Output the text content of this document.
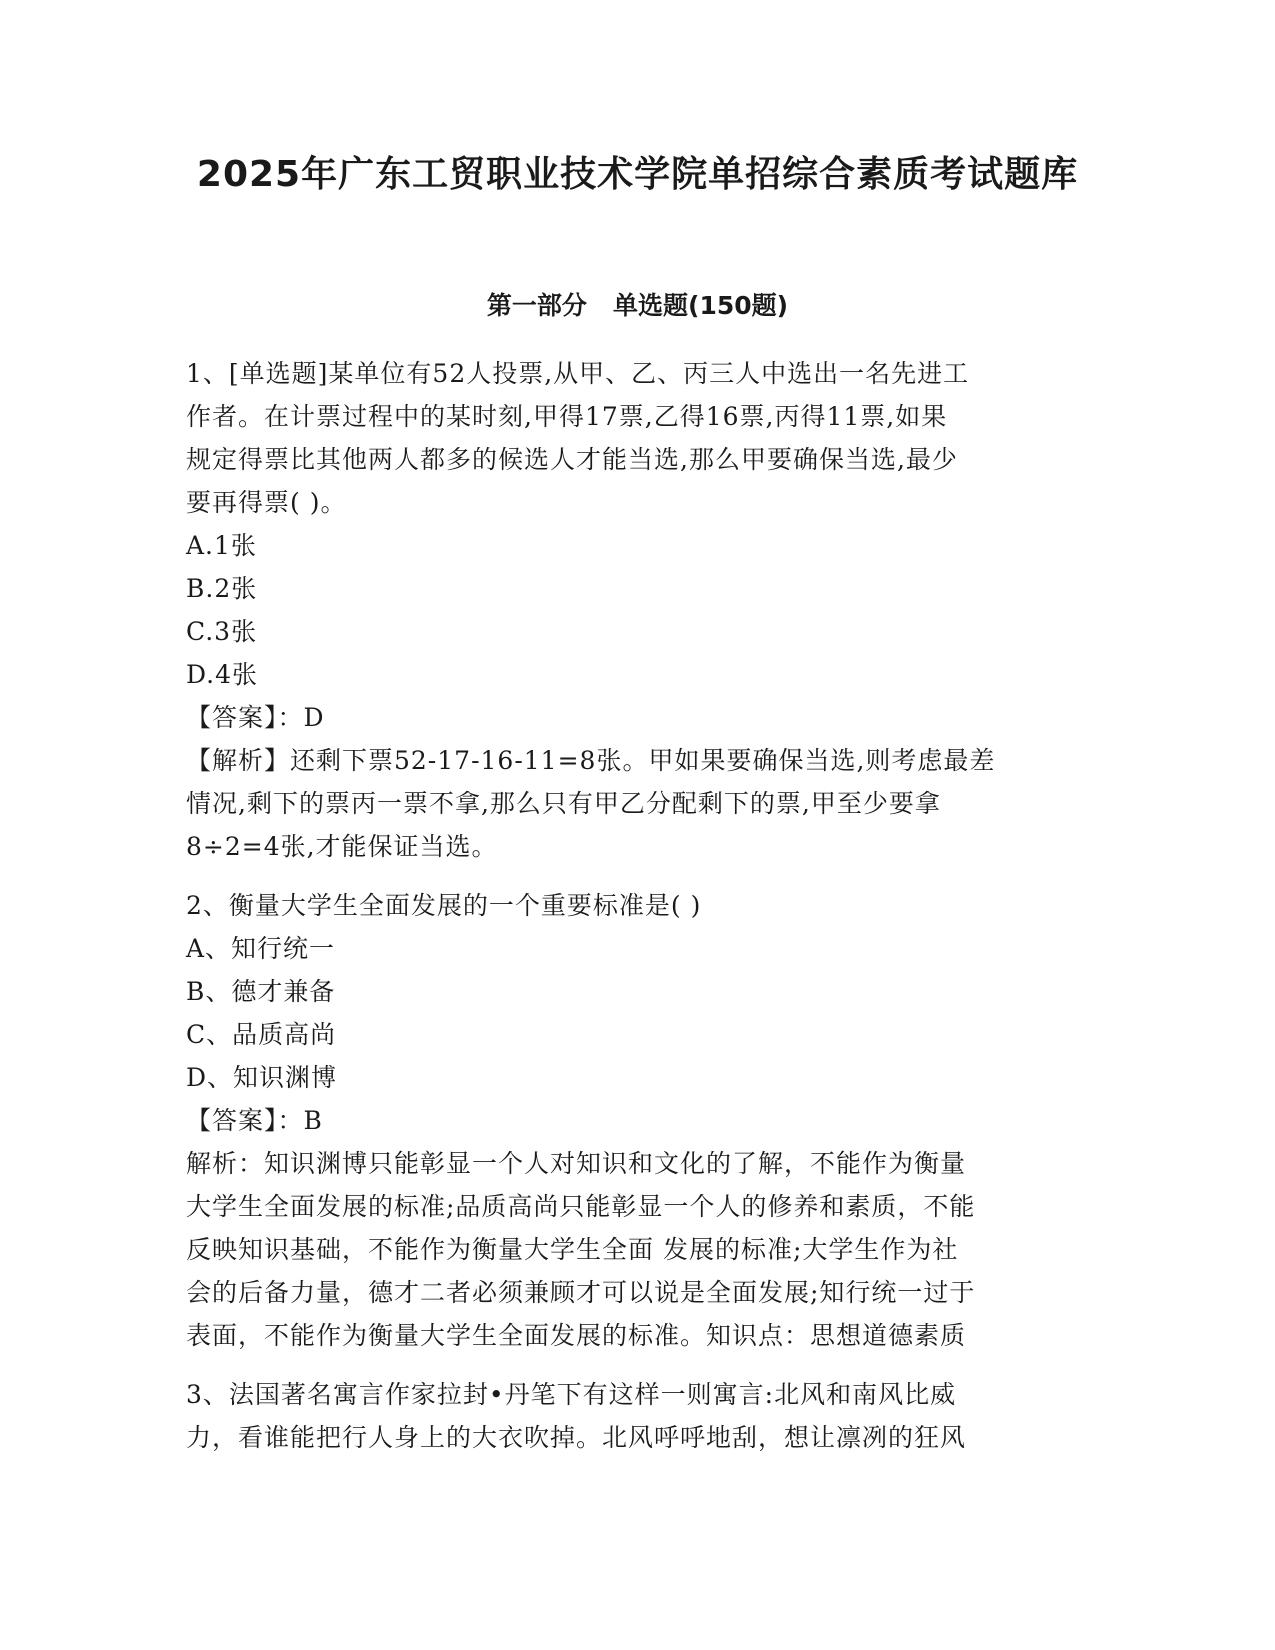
2025年广东工贸职业技术学院单招综合素质考试题库
第一部分   单选题(150题)
1、[单选题]某单位有52人投票,从甲、乙、丙三人中选出一名先进工
作者。在计票过程中的某时刻,甲得17票,乙得16票,丙得11票,如果
规定得票比其他两人都多的候选人才能当选,那么甲要确保当选,最少
要再得票( )。
A.1张
B.2张
C.3张
D.4张
【答案】：D
【解析】还剩下票52-17-16-11=8张。甲如果要确保当选,则考虑最差
情况,剩下的票丙一票不拿,那么只有甲乙分配剩下的票,甲至少要拿
8÷2=4张,才能保证当选。
2、衡量大学生全面发展的一个重要标准是( )
A、知行统一
B、德才兼备
C、品质高尚
D、知识渊博
【答案】：B
解析：知识渊博只能彰显一个人对知识和文化的了解，不能作为衡量
大学生全面发展的标准;品质高尚只能彰显一个人的修养和素质，不能
反映知识基础，不能作为衡量大学生全面 发展的标准;大学生作为社
会的后备力量，德才二者必须兼顾才可以说是全面发展;知行统一过于
表面，不能作为衡量大学生全面发展的标准。知识点：思想道德素质
3、法国著名寓言作家拉封•丹笔下有这样一则寓言:北风和南风比威
力，看谁能把行人身上的大衣吹掉。北风呼呼地刮，想让凛冽的狂风
